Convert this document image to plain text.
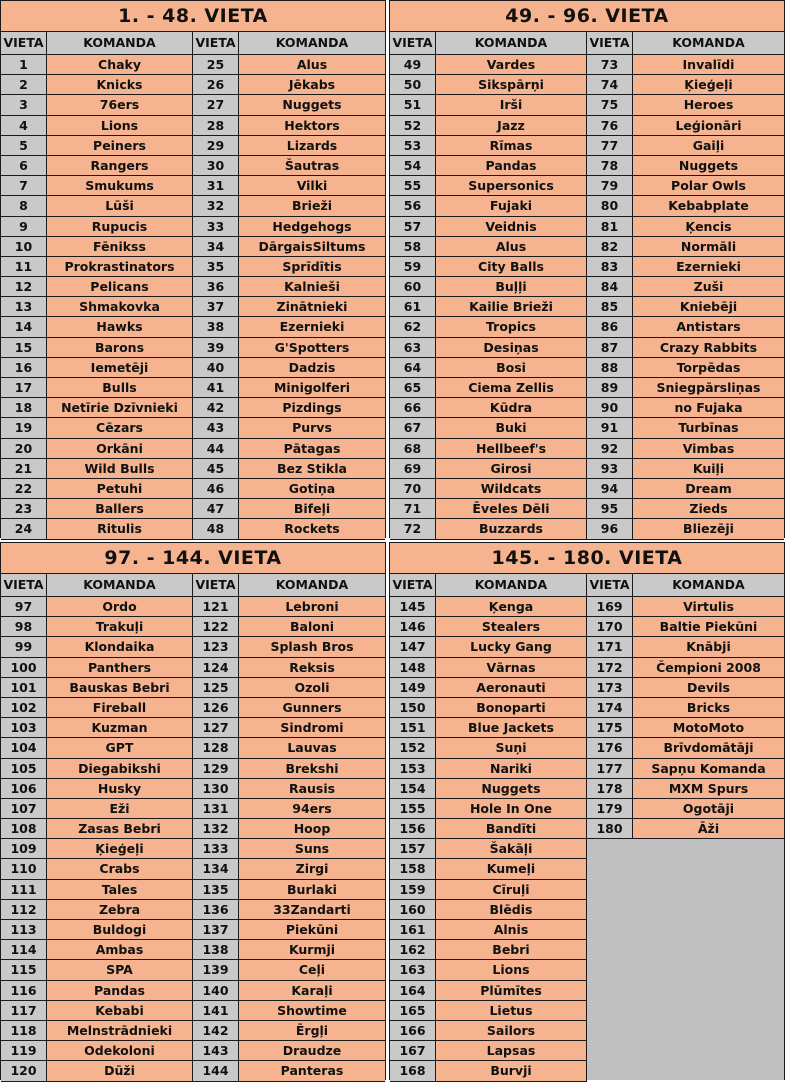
1. - 48. VIETA
VIETA	KOMANDA
1	Chaky
2	Knicks
3	76ers
4	Lions
5	Peiners
6	Rangers
7	Smukums
8	Lūši
9	Rupucis
10	Fēnikss
11	Prokrastinators
12	Pelicans
13	Shmakovka
14	Hawks
15	Barons
16	Iemetēji
17	Bulls
18	Netīrie Dzīvnieki
19	Cēzars
20	Orkāni
21	Wild Bulls
22	Petuhi
23	Ballers
24	Ritulis
VIETA	KOMANDA
25	Alus
26	Jēkabs
27	Nuggets
28	Hektors
29	Lizards
30	Šautras
31	Vilki
32	Brieži
33	Hedgehogs
34	DārgaisSiltums
35	Sprīdītis
36	Kalnieši
37	Zinātnieki
38	Ezernieki
39	G'Spotters
40	Dadzis
41	Minigolferi
42	Pizdings
43	Purvs
44	Pātagas
45	Bez Stikla
46	Gotiņa
47	Bifeļi
48	Rockets
49. - 96. VIETA
VIETA	KOMANDA
49	Vardes
50	Sikspārņi
51	Irši
52	Jazz
53	Rīmas
54	Pandas
55	Supersonics
56	Fujaki
57	Veidnis
58	Alus
59	City Balls
60	Buļļi
61	Kailie Brieži
62	Tropics
63	Desiņas
64	Bosi
65	Ciema Zellis
66	Kūdra
67	Buki
68	Hellbeef's
69	Girosi
70	Wildcats
71	Ēveles Dēli
72	Buzzards
VIETA	KOMANDA
73	Invalīdi
74	Ķieģeļi
75	Heroes
76	Leģionāri
77	Gaiļi
78	Nuggets
79	Polar Owls
80	Kebabplate
81	Ķencis
82	Normāli
83	Ezernieki
84	Zuši
85	Kniebēji
86	Antistars
87	Crazy Rabbits
88	Torpēdas
89	Sniegpārsliņas
90	no Fujaka
91	Turbīnas
92	Vimbas
93	Kuiļi
94	Dream
95	Zieds
96	Bliezēji
97. - 144. VIETA
VIETA	KOMANDA
97	Ordo
98	Trakuļi
99	Klondaika
100	Panthers
101	Bauskas Bebri
102	Fireball
103	Kuzman
104	GPT
105	Diegabikshi
106	Husky
107	Eži
108	Zasas Bebri
109	Ķieģeļi
110	Crabs
111	Tales
112	Zebra
113	Buldogi
114	Ambas
115	SPA
116	Pandas
117	Kebabi
118	Melnstrādnieki
119	Odekoloni
120	Dūži
VIETA	KOMANDA
121	Lebroni
122	Baloni
123	Splash Bros
124	Reksis
125	Ozoli
126	Gunners
127	Sindromi
128	Lauvas
129	Brekshi
130	Rausis
131	94ers
132	Hoop
133	Suns
134	Zirgi
135	Burlaki
136	33Zandarti
137	Piekūni
138	Kurmji
139	Ceļi
140	Karaļi
141	Showtime
142	Ērgļi
143	Draudze
144	Panteras
145. - 180. VIETA
VIETA	KOMANDA
145	Ķenga
146	Stealers
147	Lucky Gang
148	Vārnas
149	Aeronauti
150	Bonoparti
151	Blue Jackets
152	Suņi
153	Nariki
154	Nuggets
155	Hole In One
156	Bandīti
157	Šakāļi
158	Kumeļi
159	Cīruļi
160	Blēdis
161	Alnis
162	Bebri
163	Lions
164	Plūmītes
165	Lietus
166	Sailors
167	Lapsas
168	Burvji
VIETA	KOMANDA
169	Virtulis
170	Baltie Piekūni
171	Knābji
172	Čempioni 2008
173	Devils
174	Bricks
175	MotoMoto
176	Brīvdomātāji
177	Sapņu Komanda
178	MXM Spurs
179	Ogotāji
180	Āži
